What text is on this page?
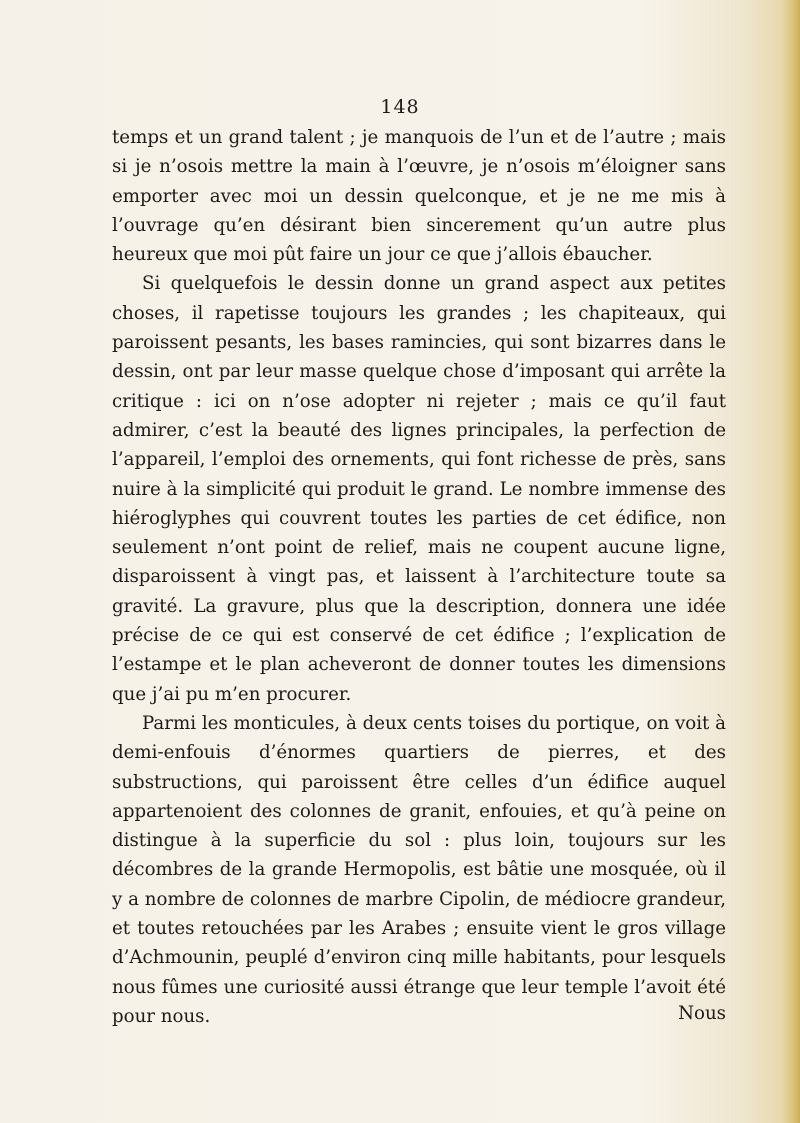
148

temps et un grand talent ; je manquois de l’un et de l’autre ; mais si je n’osois mettre la main à l’œuvre, je n’osois m’éloigner sans emporter avec moi un dessin quelconque, et je ne me mis à l’ouvrage qu’en désirant bien sincerement qu’un autre plus heureux que moi pût faire un jour ce que j’allois ébaucher.

Si quelquefois le dessin donne un grand aspect aux petites choses, il rapetisse toujours les grandes ; les chapiteaux, qui paroissent pesants, les bases ramincies, qui sont bizarres dans le dessin, ont par leur masse quelque chose d’imposant qui arrête la critique : ici on n’ose adopter ni rejeter ; mais ce qu’il faut admirer, c’est la beauté des lignes principales, la perfection de l’appareil, l’emploi des ornements, qui font richesse de près, sans nuire à la simplicité qui produit le grand. Le nombre immense des hiéroglyphes qui couvrent toutes les parties de cet édifice, non seulement n’ont point de relief, mais ne coupent aucune ligne, disparoissent à vingt pas, et laissent à l’architecture toute sa gravité. La gravure, plus que la description, donnera une idée précise de ce qui est conservé de cet édifice ; l’explication de l’estampe et le plan acheveront de donner toutes les dimensions que j’ai pu m’en procurer.

Parmi les monticules, à deux cents toises du portique, on voit à demi-enfouis d’énormes quartiers de pierres, et des substructions, qui paroissent être celles d’un édifice auquel appartenoient des colonnes de granit, enfouies, et qu’à peine on distingue à la superficie du sol : plus loin, toujours sur les décombres de la grande Hermopolis, est bâtie une mosquée, où il y a nombre de colonnes de marbre Cipolin, de médiocre grandeur, et toutes retouchées par les Arabes ; ensuite vient le gros village d’Achmounin, peuplé d’environ cinq mille habitants, pour lesquels nous fûmes une curiosité aussi étrange que leur temple l’avoit été pour nous.	Nous
